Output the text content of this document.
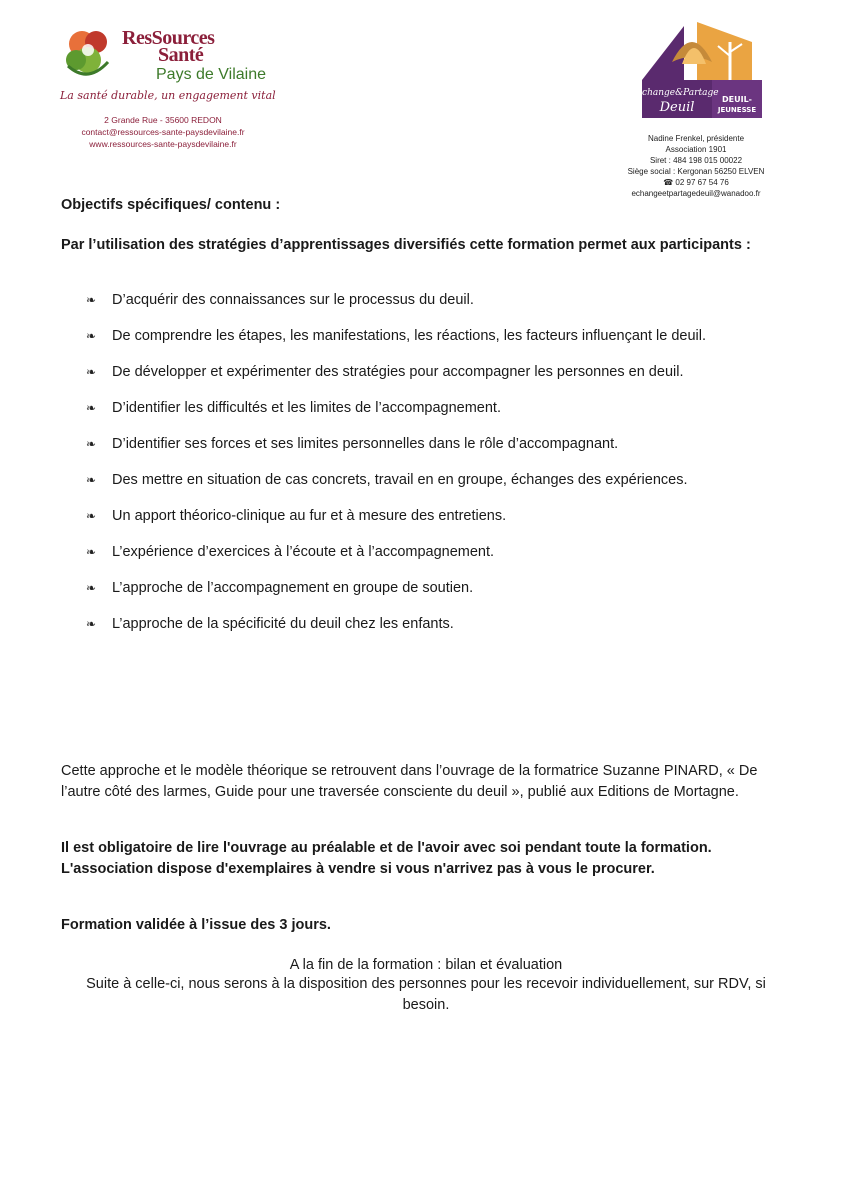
ResSources
Santé
Pays de Vilaine
La santé durable, un engagement vital
2 Grande Rue - 35600 REDON
contact@ressources-sante-paysdevilaine.fr
www.ressources-sante-paysdevilaine.fr
Échange&Partage
Deuil
DEUIL-
JEUNESSE
Nadine Frenkel, présidente
Association 1901
Siret : 484 198 015 00022
Siège social : Kergonan 56250 ELVEN
☎ 02 97 67 54 76
echangeetpartagedeuil@wanadoo.fr

Objectifs spécifiques/ contenu :

Par l’utilisation des stratégies d’apprentissages diversifiés cette formation permet aux participants :

❧ D’acquérir des connaissances sur le processus du deuil.
❧ De comprendre les étapes, les manifestations, les réactions, les facteurs influençant le deuil.
❧ De développer et expérimenter des stratégies pour accompagner les personnes en deuil.
❧ D’identifier les difficultés et les limites de l’accompagnement.
❧ D’identifier ses forces et ses limites personnelles dans le rôle d’accompagnant.
❧ Des mettre en situation de cas concrets, travail en en groupe, échanges des expériences.
❧ Un apport théorico-clinique au fur et à mesure des entretiens.
❧ L’expérience d’exercices à l’écoute et à l’accompagnement.
❧ L’approche de l’accompagnement en groupe de soutien.
❧ L’approche de la spécificité du deuil chez les enfants.

Cette approche et le modèle théorique se retrouvent dans l’ouvrage de la formatrice Suzanne PINARD, « De l’autre côté des larmes, Guide pour une traversée consciente du deuil », publié aux Editions de Mortagne.

Il est obligatoire de lire l'ouvrage au préalable et de l'avoir avec soi pendant toute la formation.

L'association dispose d'exemplaires à vendre si vous n'arrivez pas à vous le procurer.

Formation validée à l’issue des 3 jours.

A la fin de la formation : bilan et évaluation

Suite à celle-ci, nous serons à la disposition des personnes pour les recevoir individuellement, sur RDV, si besoin.
